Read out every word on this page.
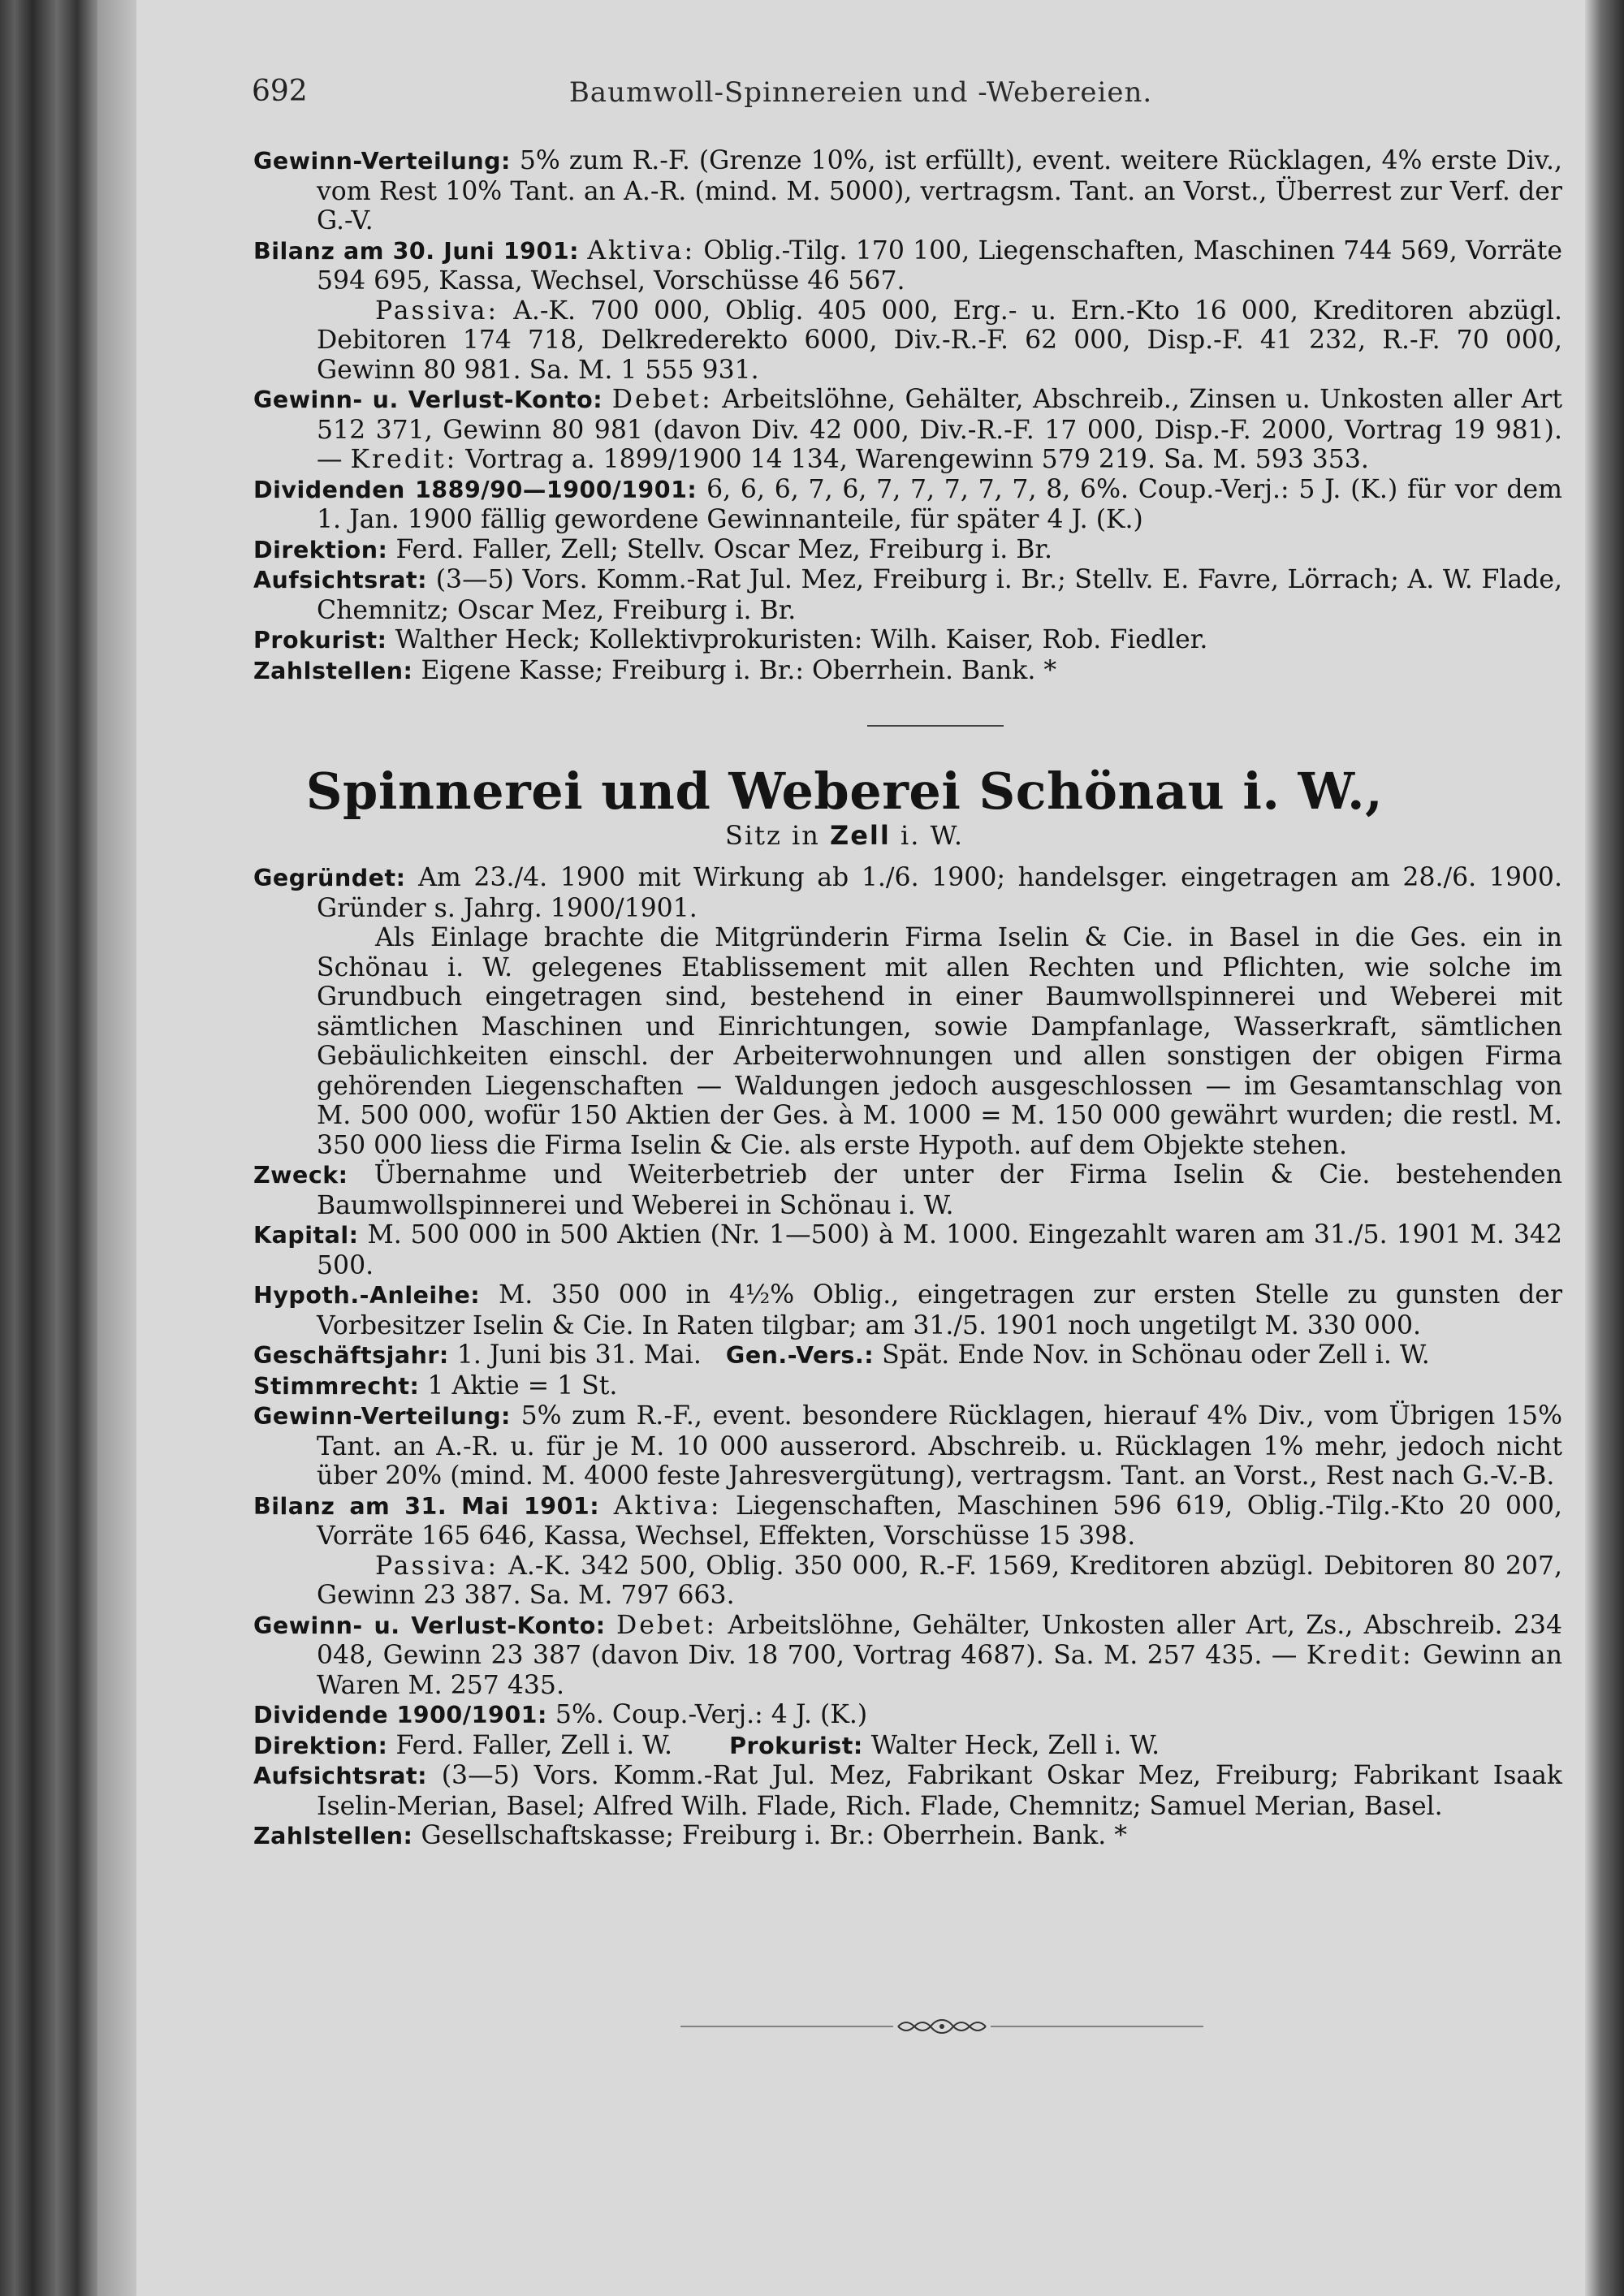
692	Baumwoll-Spinnereien und -Webereien.

Gewinn-Verteilung: 5% zum R.-F. (Grenze 10%, ist erfüllt), event. weitere Rücklagen, 4% erste Div., vom Rest 10% Tant. an A.-R. (mind. M. 5000), vertragsm. Tant. an Vorst., Überrest zur Verf. der G.-V.

Bilanz am 30. Juni 1901: Aktiva: Oblig.-Tilg. 170 100, Liegenschaften, Maschinen 744 569, Vorräte 594 695, Kassa, Wechsel, Vorschüsse 46 567.

Passiva: A.-K. 700 000, Oblig. 405 000, Erg.- u. Ern.-Kto 16 000, Kreditoren abzügl. Debitoren 174 718, Delkrederekto 6000, Div.-R.-F. 62 000, Disp.-F. 41 232, R.-F. 70 000, Gewinn 80 981. Sa. M. 1 555 931.

Gewinn- u. Verlust-Konto: Debet: Arbeitslöhne, Gehälter, Abschreib., Zinsen u. Unkosten aller Art 512 371, Gewinn 80 981 (davon Div. 42 000, Div.-R.-F. 17 000, Disp.-F. 2000, Vortrag 19 981). — Kredit: Vortrag a. 1899/1900 14 134, Warengewinn 579 219. Sa. M. 593 353.

Dividenden 1889/90—1900/1901: 6, 6, 6, 7, 6, 7, 7, 7, 7, 7, 8, 6%. Coup.-Verj.: 5 J. (K.) für vor dem 1. Jan. 1900 fällig gewordene Gewinnanteile, für später 4 J. (K.)

Direktion: Ferd. Faller, Zell; Stellv. Oscar Mez, Freiburg i. Br.

Aufsichtsrat: (3—5) Vors. Komm.-Rat Jul. Mez, Freiburg i. Br.; Stellv. E. Favre, Lörrach; A. W. Flade, Chemnitz; Oscar Mez, Freiburg i. Br.

Prokurist: Walther Heck; Kollektivprokuristen: Wilh. Kaiser, Rob. Fiedler.

Zahlstellen: Eigene Kasse; Freiburg i. Br.: Oberrhein. Bank. *

Spinnerei und Weberei Schönau i. W.,
Sitz in Zell i. W.

Gegründet: Am 23./4. 1900 mit Wirkung ab 1./6. 1900; handelsger. eingetragen am 28./6. 1900. Gründer s. Jahrg. 1900/1901.

Als Einlage brachte die Mitgründerin Firma Iselin & Cie. in Basel in die Ges. ein in Schönau i. W. gelegenes Etablissement mit allen Rechten und Pflichten, wie solche im Grundbuch eingetragen sind, bestehend in einer Baumwollspinnerei und Weberei mit sämtlichen Maschinen und Einrichtungen, sowie Dampfanlage, Wasserkraft, sämtlichen Gebäulichkeiten einschl. der Arbeiterwohnungen und allen sonstigen der obigen Firma gehörenden Liegenschaften — Waldungen jedoch ausgeschlossen — im Gesamtanschlag von M. 500 000, wofür 150 Aktien der Ges. à M. 1000 = M. 150 000 gewährt wurden; die restl. M. 350 000 liess die Firma Iselin & Cie. als erste Hypoth. auf dem Objekte stehen.

Zweck: Übernahme und Weiterbetrieb der unter der Firma Iselin & Cie. bestehenden Baumwollspinnerei und Weberei in Schönau i. W.

Kapital: M. 500 000 in 500 Aktien (Nr. 1—500) à M. 1000. Eingezahlt waren am 31./5. 1901 M. 342 500.

Hypoth.-Anleihe: M. 350 000 in 4½% Oblig., eingetragen zur ersten Stelle zu gunsten der Vorbesitzer Iselin & Cie. In Raten tilgbar; am 31./5. 1901 noch ungetilgt M. 330 000.

Geschäftsjahr: 1. Juni bis 31. Mai. Gen.-Vers.: Spät. Ende Nov. in Schönau oder Zell i. W.

Stimmrecht: 1 Aktie = 1 St.

Gewinn-Verteilung: 5% zum R.-F., event. besondere Rücklagen, hierauf 4% Div., vom Übrigen 15% Tant. an A.-R. u. für je M. 10 000 ausserord. Abschreib. u. Rücklagen 1% mehr, jedoch nicht über 20% (mind. M. 4000 feste Jahresvergütung), vertragsm. Tant. an Vorst., Rest nach G.-V.-B.

Bilanz am 31. Mai 1901: Aktiva: Liegenschaften, Maschinen 596 619, Oblig.-Tilg.-Kto 20 000, Vorräte 165 646, Kassa, Wechsel, Effekten, Vorschüsse 15 398.

Passiva: A.-K. 342 500, Oblig. 350 000, R.-F. 1569, Kreditoren abzügl. Debitoren 80 207, Gewinn 23 387. Sa. M. 797 663.

Gewinn- u. Verlust-Konto: Debet: Arbeitslöhne, Gehälter, Unkosten aller Art, Zs., Abschreib. 234 048, Gewinn 23 387 (davon Div. 18 700, Vortrag 4687). Sa. M. 257 435. — Kredit: Gewinn an Waren M. 257 435.

Dividende 1900/1901: 5%. Coup.-Verj.: 4 J. (K.)

Direktion: Ferd. Faller, Zell i. W. Prokurist: Walter Heck, Zell i. W.

Aufsichtsrat: (3—5) Vors. Komm.-Rat Jul. Mez, Fabrikant Oskar Mez, Freiburg; Fabrikant Isaak Iselin-Merian, Basel; Alfred Wilh. Flade, Rich. Flade, Chemnitz; Samuel Merian, Basel.

Zahlstellen: Gesellschaftskasse; Freiburg i. Br.: Oberrhein. Bank. *
